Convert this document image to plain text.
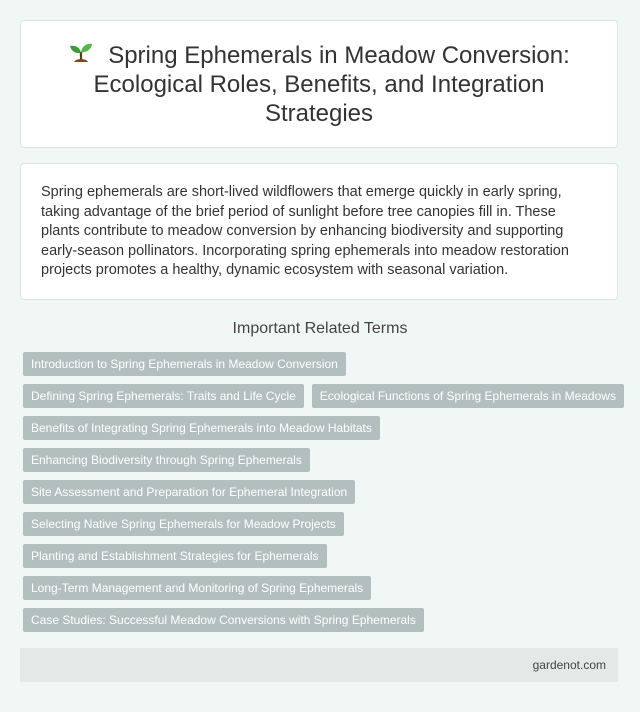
Spring Ephemerals in Meadow Conversion: Ecological Roles, Benefits, and Integration Strategies

Spring ephemerals are short-lived wildflowers that emerge quickly in early spring, taking advantage of the brief period of sunlight before tree canopies fill in. These plants contribute to meadow conversion by enhancing biodiversity and supporting early-season pollinators. Incorporating spring ephemerals into meadow restoration projects promotes a healthy, dynamic ecosystem with seasonal variation.

Important Related Terms
Introduction to Spring Ephemerals in Meadow Conversion
Defining Spring Ephemerals: Traits and Life Cycle	Ecological Functions of Spring Ephemerals in Meadows
Benefits of Integrating Spring Ephemerals into Meadow Habitats
Enhancing Biodiversity through Spring Ephemerals
Site Assessment and Preparation for Ephemeral Integration
Selecting Native Spring Ephemerals for Meadow Projects
Planting and Establishment Strategies for Ephemerals
Long-Term Management and Monitoring of Spring Ephemerals
Case Studies: Successful Meadow Conversions with Spring Ephemerals
gardenot.com
